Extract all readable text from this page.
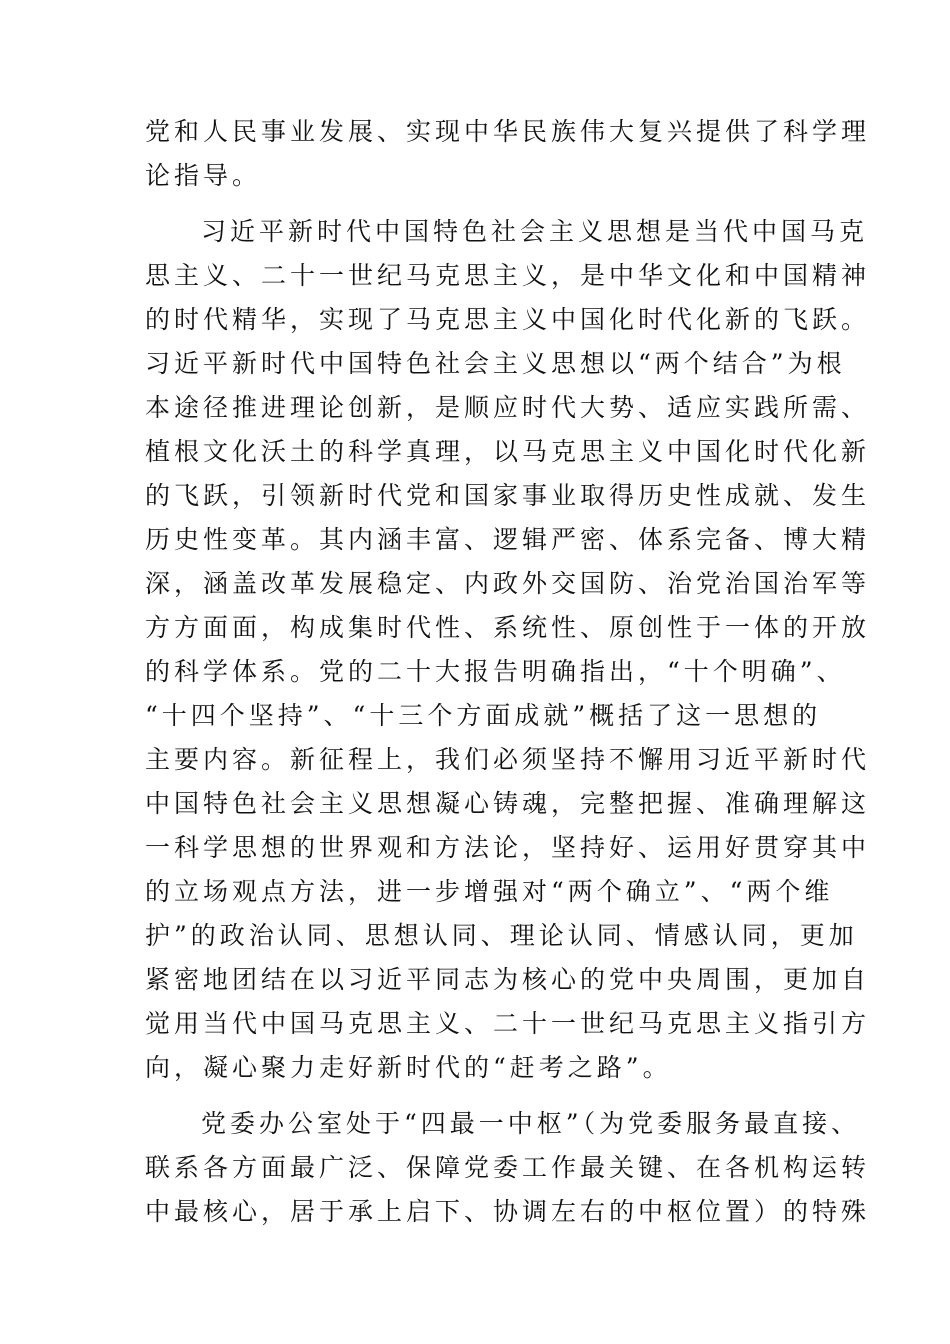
党和人民事业发展、实现中华民族伟大复兴提供了科学理
论指导。
习近平新时代中国特色社会主义思想是当代中国马克
思主义、二十一世纪马克思主义，是中华文化和中国精神
的时代精华，实现了马克思主义中国化时代化新的飞跃。
习近平新时代中国特色社会主义思想以“两个结合”为根
本途径推进理论创新，是顺应时代大势、适应实践所需、
植根文化沃土的科学真理，以马克思主义中国化时代化新
的飞跃，引领新时代党和国家事业取得历史性成就、发生
历史性变革。其内涵丰富、逻辑严密、体系完备、博大精
深，涵盖改革发展稳定、内政外交国防、治党治国治军等
方方面面，构成集时代性、系统性、原创性于一体的开放
的科学体系。党的二十大报告明确指出，“十个明确”、
“十四个坚持”、“十三个方面成就”概括了这一思想的
主要内容。新征程上，我们必须坚持不懈用习近平新时代
中国特色社会主义思想凝心铸魂，完整把握、准确理解这
一科学思想的世界观和方法论，坚持好、运用好贯穿其中
的立场观点方法，进一步增强对“两个确立”、“两个维
护”的政治认同、思想认同、理论认同、情感认同，更加
紧密地团结在以习近平同志为核心的党中央周围，更加自
觉用当代中国马克思主义、二十一世纪马克思主义指引方
向，凝心聚力走好新时代的“赶考之路”。
党委办公室处于“四最一中枢”（为党委服务最直接、
联系各方面最广泛、保障党委工作最关键、在各机构运转
中最核心，居于承上启下、协调左右的中枢位置）的特殊
